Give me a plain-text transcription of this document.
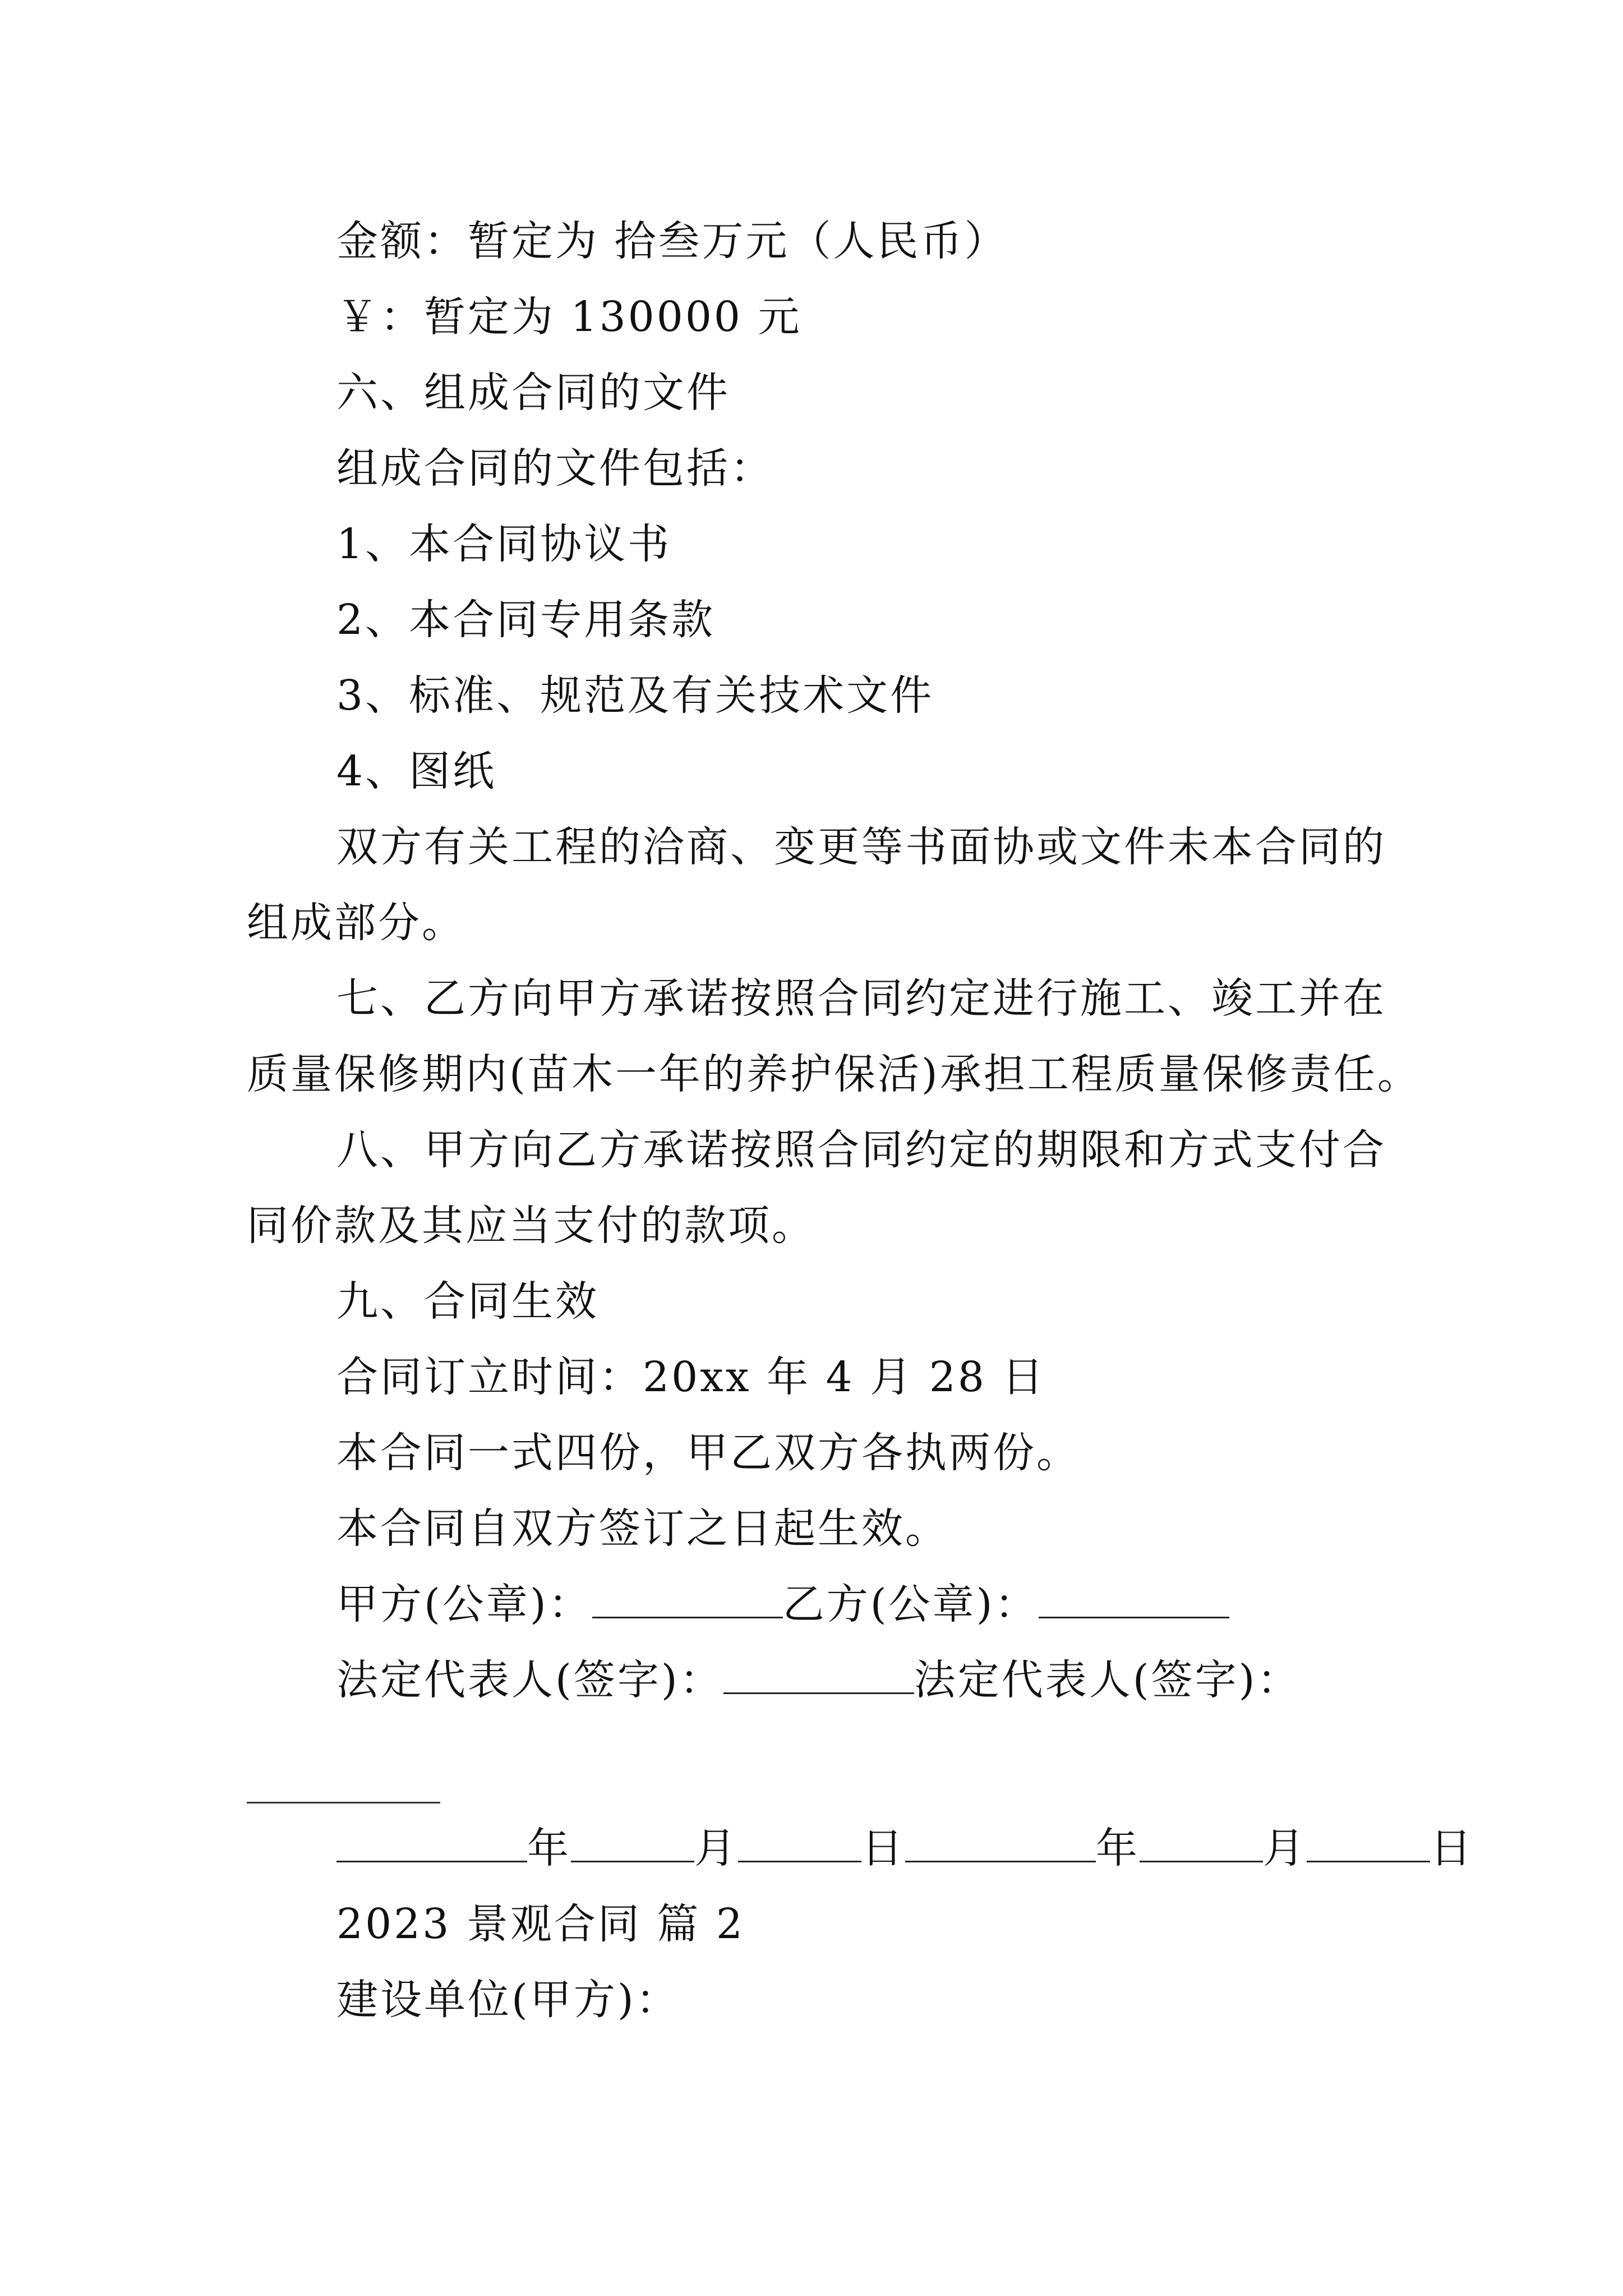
金额：暂定为 拾叁万元（人民币）
￥：暂定为 130000 元
六、组成合同的文件
组成合同的文件包括：
1、本合同协议书
2、本合同专用条款
3、标准、规范及有关技术文件
4、图纸
双方有关工程的洽商、变更等书面协或文件未本合同的
组成部分。
七、乙方向甲方承诺按照合同约定进行施工、竣工并在
质量保修期内(苗木一年的养护保活)承担工程质量保修责任。
八、甲方向乙方承诺按照合同约定的期限和方式支付合
同价款及其应当支付的款项。
九、合同生效
合同订立时间：20xx 年 4 月 28 日
本合同一式四份，甲乙双方各执两份。
本合同自双方签订之日起生效。
甲方(公章)：	乙方(公章)：
法定代表人(签字)：	法定代表人(签字)：
年	月	日	年	月	日
2023 景观合同 篇 2
建设单位(甲方)：
